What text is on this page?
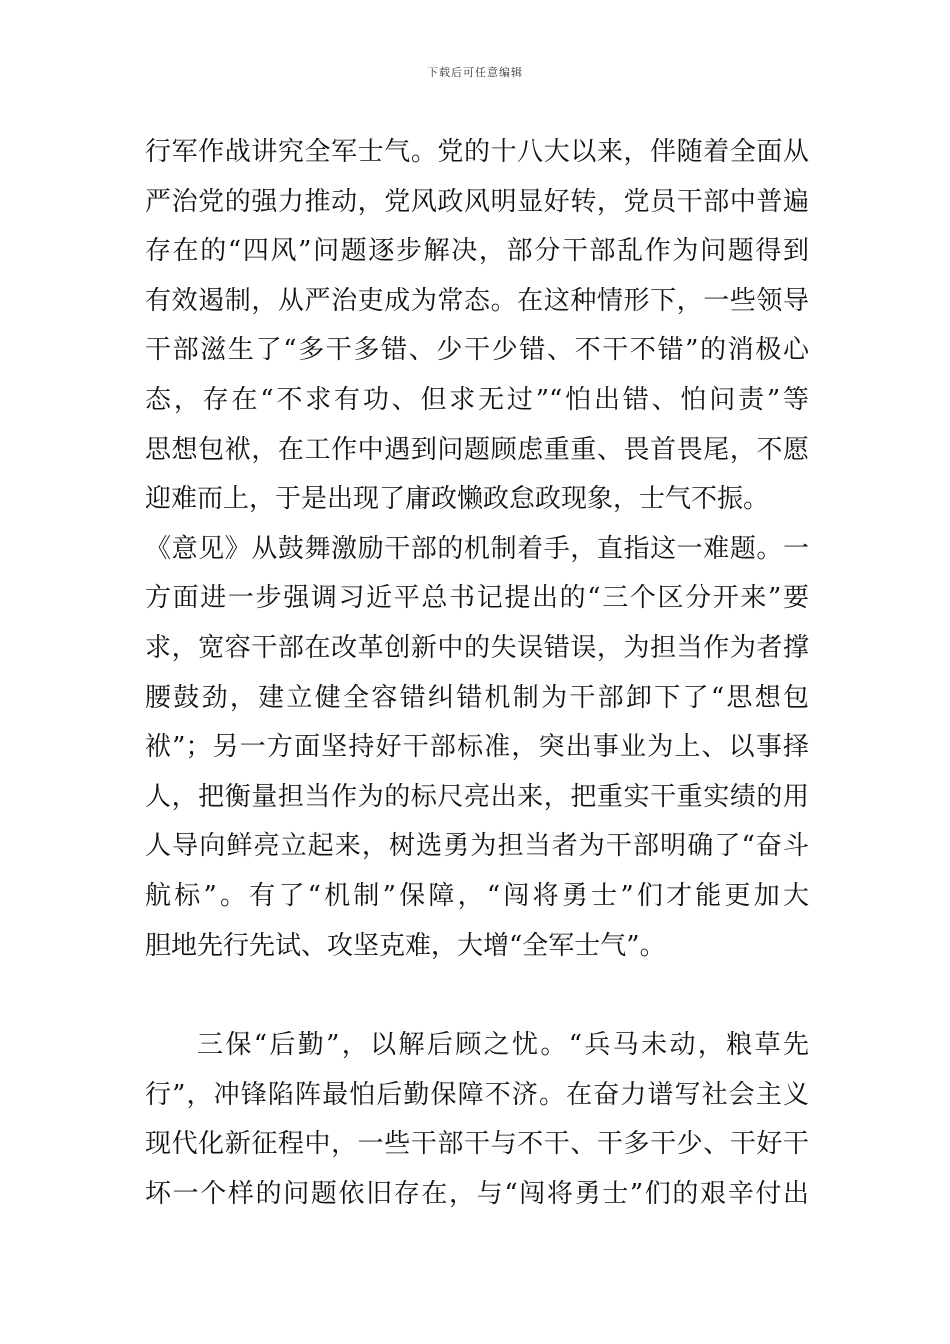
下载后可任意编辑
行军作战讲究全军士气。党的十八大以来，伴随着全面从
严治党的强力推动，党风政风明显好转，党员干部中普遍
存在的“四风”问题逐步解决，部分干部乱作为问题得到
有效遏制，从严治吏成为常态。在这种情形下，一些领导
干部滋生了“多干多错、少干少错、不干不错”的消极心
态，存在“不求有功、但求无过”“怕出错、怕问责”等
思想包袱，在工作中遇到问题顾虑重重、畏首畏尾，不愿
迎难而上，于是出现了庸政懒政怠政现象，士气不振。
《意见》从鼓舞激励干部的机制着手，直指这一难题。一
方面进一步强调习近平总书记提出的“三个区分开来”要
求，宽容干部在改革创新中的失误错误，为担当作为者撑
腰鼓劲，建立健全容错纠错机制为干部卸下了“思想包
袱”；另一方面坚持好干部标准，突出事业为上、以事择
人，把衡量担当作为的标尺亮出来，把重实干重实绩的用
人导向鲜亮立起来，树选勇为担当者为干部明确了“奋斗
航标”。有了“机制”保障，“闯将勇士”们才能更加大
胆地先行先试、攻坚克难，大增“全军士气”。
三保“后勤”，以解后顾之忧。“兵马未动，粮草先
行”，冲锋陷阵最怕后勤保障不济。在奋力谱写社会主义
现代化新征程中，一些干部干与不干、干多干少、干好干
坏一个样的问题依旧存在，与“闯将勇士”们的艰辛付出
